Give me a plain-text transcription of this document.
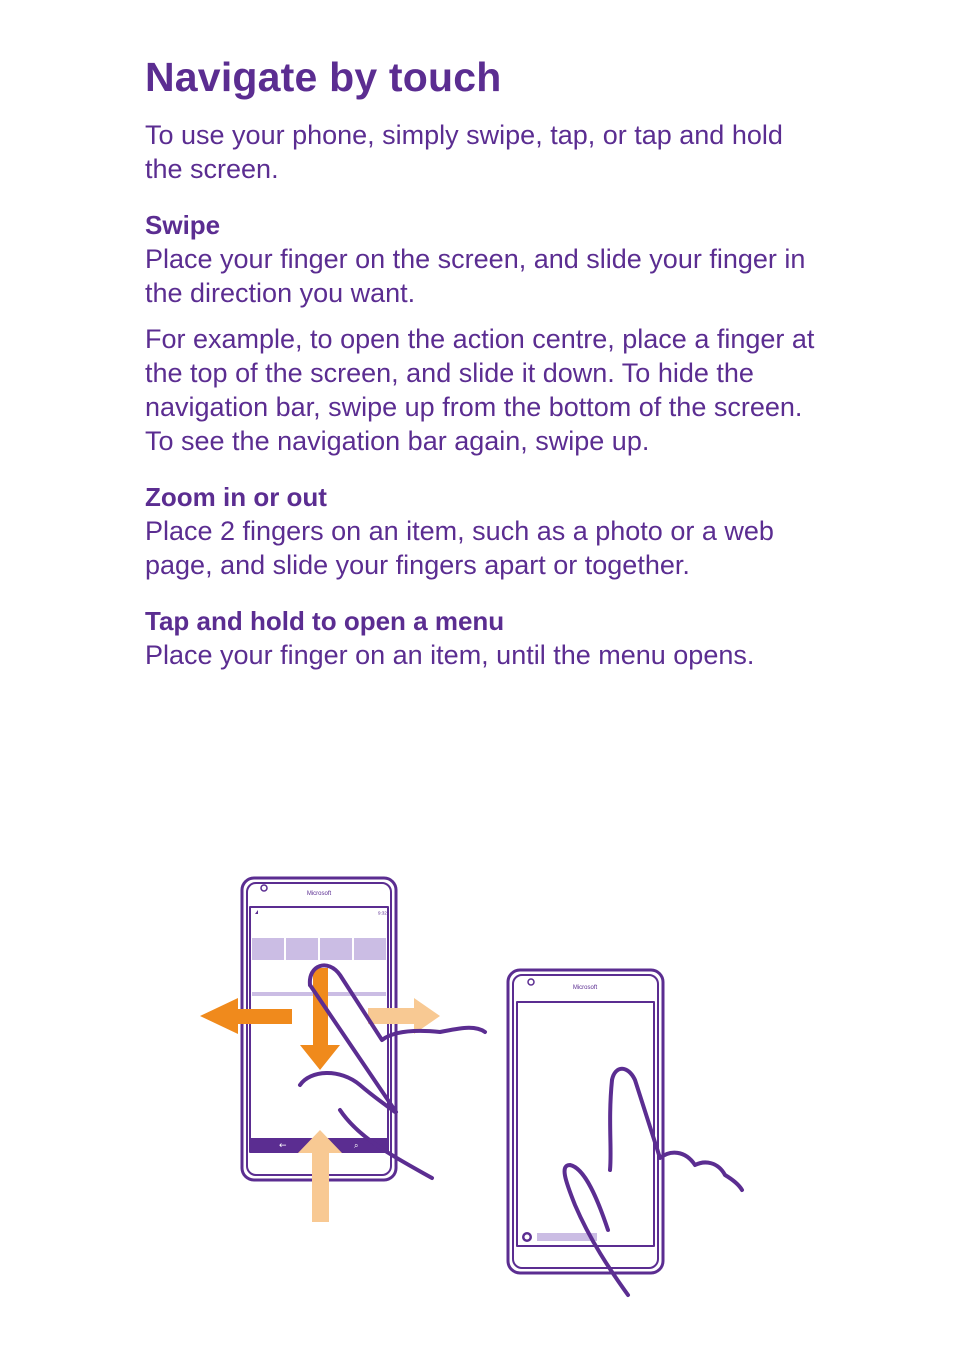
Navigate by touch

To use your phone, simply swipe, tap, or tap and hold the screen.

Swipe

Place your finger on the screen, and slide your finger in the direction you want.

For example, to open the action centre, place a finger at the top of the screen, and slide it down. To hide the navigation bar, swipe up from the bottom of the screen. To see the navigation bar again, swipe up.

Zoom in or out

Place 2 fingers on an item, such as a photo or a web page, and slide your fingers apart or together.

Tap and hold to open a menu

Place your finger on an item, until the menu opens.

Microsoft
9:32
←	⌕
Microsoft
